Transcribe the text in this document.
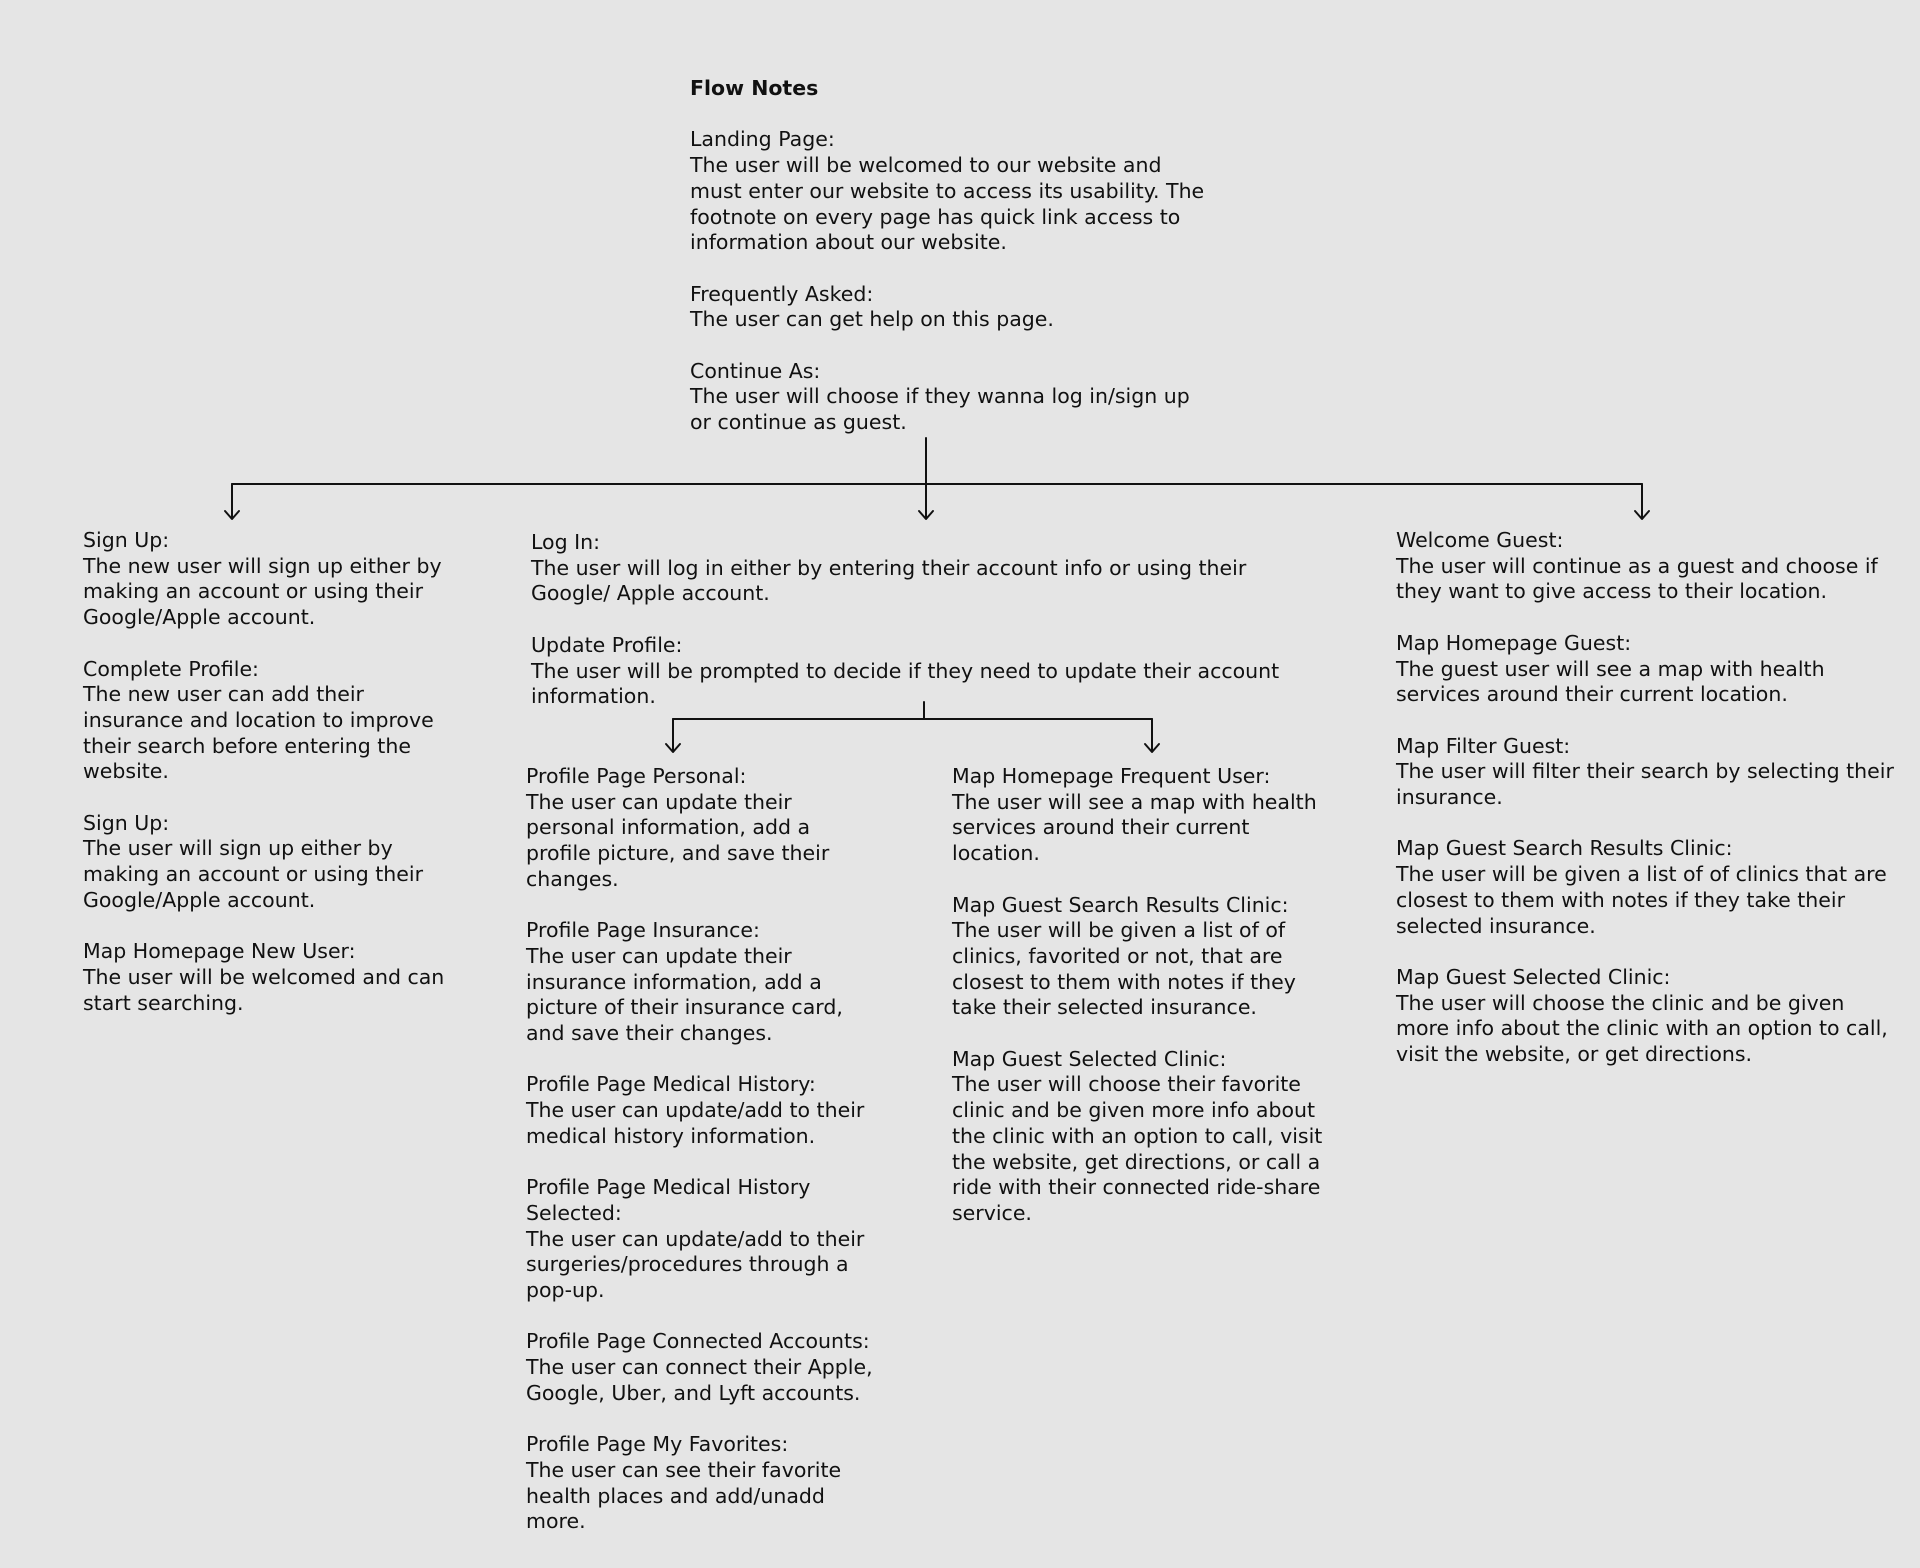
Flow Notes
Landing Page:
The user will be welcomed to our website and must enter our website to access its usability. The footnote on every page has quick link access to information about our website.
Frequently Asked:
The user can get help on this page.
Continue As:
The user will choose if they wanna log in/sign up or continue as guest.
Sign Up:
The new user will sign up either by making an account or using their Google/Apple account.
Complete Profile:
The new user can add their insurance and location to improve their search before entering the website.
Sign Up:
The user will sign up either by making an account or using their Google/Apple account.
Map Homepage New User:
The user will be welcomed and can start searching.
Log In:
The user will log in either by entering their account info or using their Google/ Apple account.
Update Profile:
The user will be prompted to decide if they need to update their account information.
Profile Page Personal:
The user can update their personal information, add a profile picture, and save their changes.
Profile Page Insurance:
The user can update their insurance information, add a picture of their insurance card, and save their changes.
Profile Page Medical History:
The user can update/add to their medical history information.
Profile Page Medical History Selected:
The user can update/add to their surgeries/procedures through a pop-up.
Profile Page Connected Accounts:
The user can connect their Apple, Google, Uber, and Lyft accounts.
Profile Page My Favorites:
The user can see their favorite health places and add/unadd more.
Map Homepage Frequent User:
The user will see a map with health services around their current location.
Map Guest Search Results Clinic:
The user will be given a list of of clinics, favorited or not, that are closest to them with notes if they take their selected insurance.
Map Guest Selected Clinic:
The user will choose their favorite clinic and be given more info about the clinic with an option to call, visit the website, get directions, or call a ride with their connected ride-share service.
Welcome Guest:
The user will continue as a guest and choose if they want to give access to their location.
Map Homepage Guest:
The guest user will see a map with health services around their current location.
Map Filter Guest:
The user will filter their search by selecting their insurance.
Map Guest Search Results Clinic:
The user will be given a list of of clinics that are closest to them with notes if they take their selected insurance.
Map Guest Selected Clinic:
The user will choose the clinic and be given more info about the clinic with an option to call, visit the website, or get directions.
